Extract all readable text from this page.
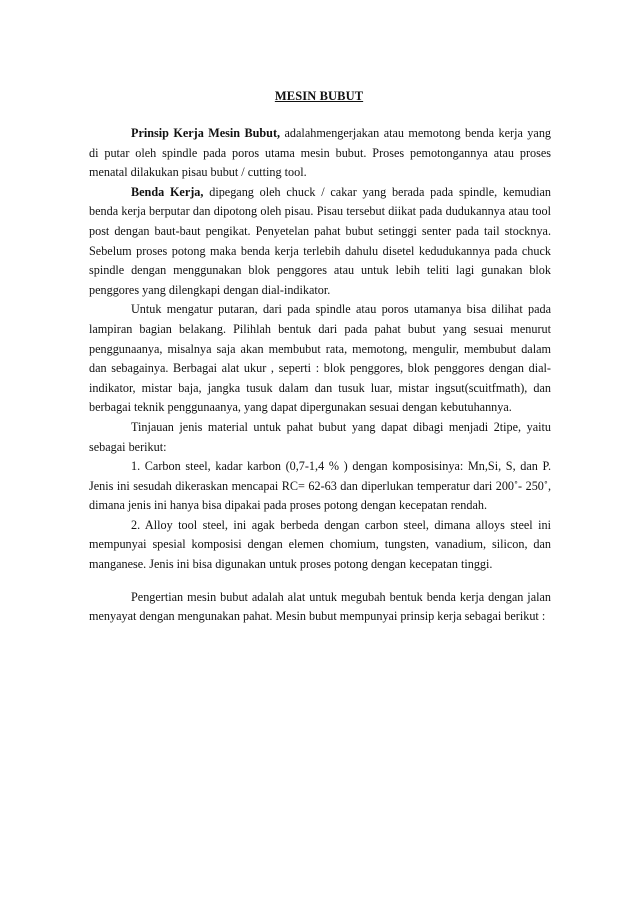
MESIN BUBUT

Prinsip Kerja Mesin Bubut, adalahmengerjakan atau memotong benda kerja yang di putar oleh spindle pada poros utama mesin bubut. Proses pemotongannya atau proses menatal dilakukan pisau bubut / cutting tool.

Benda Kerja, dipegang oleh chuck / cakar yang berada pada spindle, kemudian benda kerja berputar dan dipotong oleh pisau. Pisau tersebut diikat pada dudukannya atau tool post dengan baut-baut pengikat. Penyetelan pahat bubut setinggi senter pada tail stocknya. Sebelum proses potong maka benda kerja terlebih dahulu disetel kedudukannya pada chuck spindle dengan menggunakan blok penggores atau untuk lebih teliti lagi gunakan blok penggores yang dilengkapi dengan dial-indikator.

Untuk mengatur putaran, dari pada spindle atau poros utamanya bisa dilihat pada lampiran bagian belakang. Pilihlah bentuk dari pada pahat bubut yang sesuai menurut penggunaanya, misalnya saja akan membubut rata, memotong, mengulir, membubut dalam dan sebagainya. Berbagai alat ukur , seperti : blok penggores, blok penggores dengan dial-indikator, mistar baja, jangka tusuk dalam dan tusuk luar, mistar ingsut(scuitfmath), dan berbagai teknik penggunaanya, yang dapat dipergunakan sesuai dengan kebutuhannya.

Tinjauan jenis material untuk pahat bubut yang dapat dibagi menjadi 2tipe, yaitu sebagai berikut:

1. Carbon steel, kadar karbon (0,7-1,4 % ) dengan komposisinya: Mn,Si, S, dan P. Jenis ini sesudah dikeraskan mencapai RC= 62-63 dan diperlukan temperatur dari 200˚- 250˚, dimana jenis ini hanya bisa dipakai pada proses potong dengan kecepatan rendah.

2. Alloy tool steel, ini agak berbeda dengan carbon steel, dimana alloys steel ini mempunyai spesial komposisi dengan elemen chomium, tungsten, vanadium, silicon, dan manganese. Jenis ini bisa digunakan untuk proses potong dengan kecepatan tinggi.

Pengertian mesin bubut adalah alat untuk megubah bentuk benda kerja dengan jalan menyayat dengan mengunakan pahat. Mesin bubut mempunyai prinsip kerja sebagai berikut :
